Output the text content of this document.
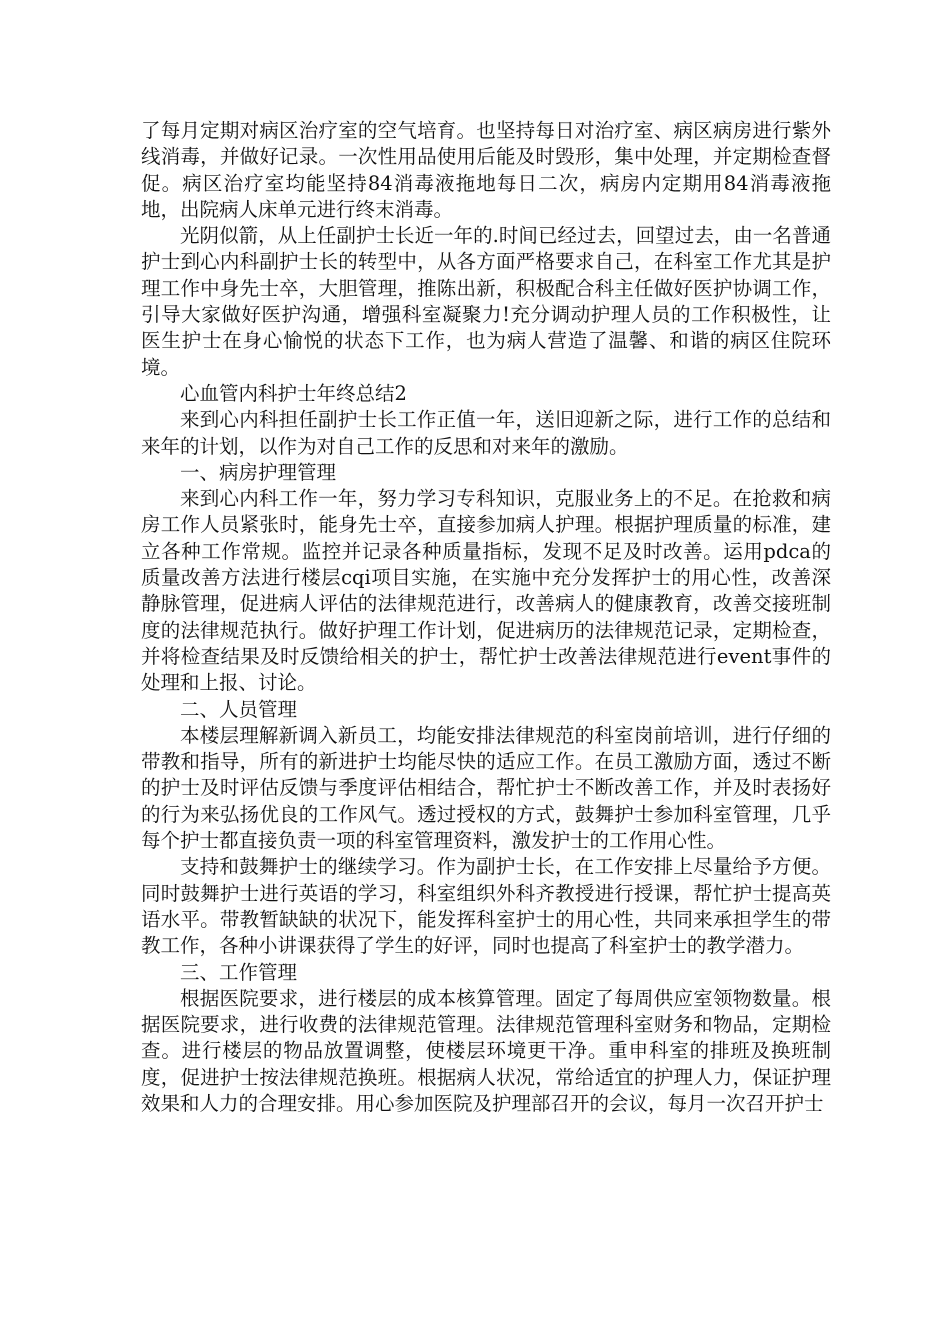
了每月定期对病区治疗室的空气培育。也坚持每日对治疗室、病区病房进行紫外线消毒，并做好记录。一次性用品使用后能及时毁形，集中处理，并定期检查督促。病区治疗室均能坚持84消毒液拖地每日二次，病房内定期用84消毒液拖地，出院病人床单元进行终末消毒。

光阴似箭，从上任副护士长近一年的.时间已经过去，回望过去，由一名普通护士到心内科副护士长的转型中，从各方面严格要求自己，在科室工作尤其是护理工作中身先士卒，大胆管理，推陈出新，积极配合科主任做好医护协调工作，引导大家做好医护沟通，增强科室凝聚力!充分调动护理人员的工作积极性，让医生护士在身心愉悦的状态下工作，也为病人营造了温馨、和谐的病区住院环境。

心血管内科护士年终总结2

来到心内科担任副护士长工作正值一年，送旧迎新之际，进行工作的总结和来年的计划，以作为对自己工作的反思和对来年的激励。

一、病房护理管理

来到心内科工作一年，努力学习专科知识，克服业务上的不足。在抢救和病房工作人员紧张时，能身先士卒，直接参加病人护理。根据护理质量的标准，建立各种工作常规。监控并记录各种质量指标，发现不足及时改善。运用pdca的质量改善方法进行楼层cqi项目实施，在实施中充分发挥护士的用心性，改善深静脉管理，促进病人评估的法律规范进行，改善病人的健康教育，改善交接班制度的法律规范执行。做好护理工作计划，促进病历的法律规范记录，定期检查，并将检查结果及时反馈给相关的护士，帮忙护士改善法律规范进行event事件的处理和上报、讨论。

二、人员管理

本楼层理解新调入新员工，均能安排法律规范的科室岗前培训，进行仔细的带教和指导，所有的新进护士均能尽快的适应工作。在员工激励方面，透过不断的护士及时评估反馈与季度评估相结合，帮忙护士不断改善工作，并及时表扬好的行为来弘扬优良的工作风气。透过授权的方式，鼓舞护士参加科室管理，几乎每个护士都直接负责一项的科室管理资料，激发护士的工作用心性。

支持和鼓舞护士的继续学习。作为副护士长，在工作安排上尽量给予方便。同时鼓舞护士进行英语的学习，科室组织外科齐教授进行授课，帮忙护士提高英语水平。带教暂缺缺的状况下，能发挥科室护士的用心性，共同来承担学生的带教工作，各种小讲课获得了学生的好评，同时也提高了科室护士的教学潜力。

三、工作管理

根据医院要求，进行楼层的成本核算管理。固定了每周供应室领物数量。根据医院要求，进行收费的法律规范管理。法律规范管理科室财务和物品，定期检查。进行楼层的物品放置调整，使楼层环境更干净。重申科室的排班及换班制度，促进护士按法律规范换班。根据病人状况，常给适宜的护理人力，保证护理效果和人力的合理安排。用心参加医院及护理部召开的会议，每月一次召开护士
